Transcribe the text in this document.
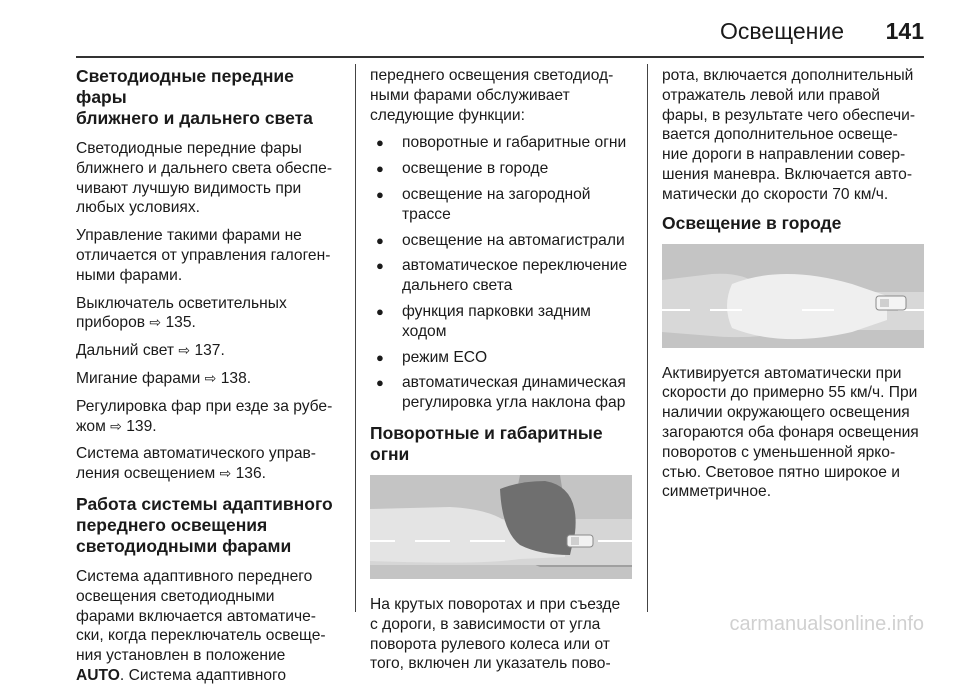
Освещение 141
Светодиодные передние фары
ближнего и дальнего света

Светодиодные передние фары
ближнего и дальнего света обеспе-
чивают лучшую видимость при
любых условиях.

Управление такими фарами не
отличается от управления галоген-
ными фарами.

Выключатель осветительных
приборов ⇨ 135.

Дальний свет ⇨ 137.

Мигание фарами ⇨ 138.

Регулировка фар при езде за рубе-
жом ⇨ 139.

Система автоматического управ-
ления освещением ⇨ 136.

Работа системы адаптивного
переднего освещения
светодиодными фарами

Система адаптивного переднего
освещения светодиодными
фарами включается автоматиче-
ски, когда переключатель освеще-
ния установлен в положение
AUTO. Система адаптивного

переднего освещения светодиод-
ными фарами обслуживает
следующие функции:

● поворотные и габаритные огни
● освещение в городе
● освещение на загородной
трассе
● освещение на автомагистрали
● автоматическое переключение
дальнего света
● функция парковки задним
ходом
● режим ECO
● автоматическая динамическая
регулировка угла наклона фар
Поворотные и габаритные огни

На крутых поворотах и при съезде
с дороги, в зависимости от угла
поворота рулевого колеса или от
того, включен ли указатель пово-

рота, включается дополнительный
отражатель левой или правой
фары, в результате чего обеспечи-
вается дополнительное освеще-
ние дороги в направлении совер-
шения маневра. Включается авто-
матически до скорости 70 км/ч.

Освещение в городе

Активируется автоматически при
скорости до примерно 55 км/ч. При
наличии окружающего освещения
загораются оба фонаря освещения
поворотов с уменьшенной ярко-
стью. Световое пятно широкое и
симметричное.

carmanualsonline.info
